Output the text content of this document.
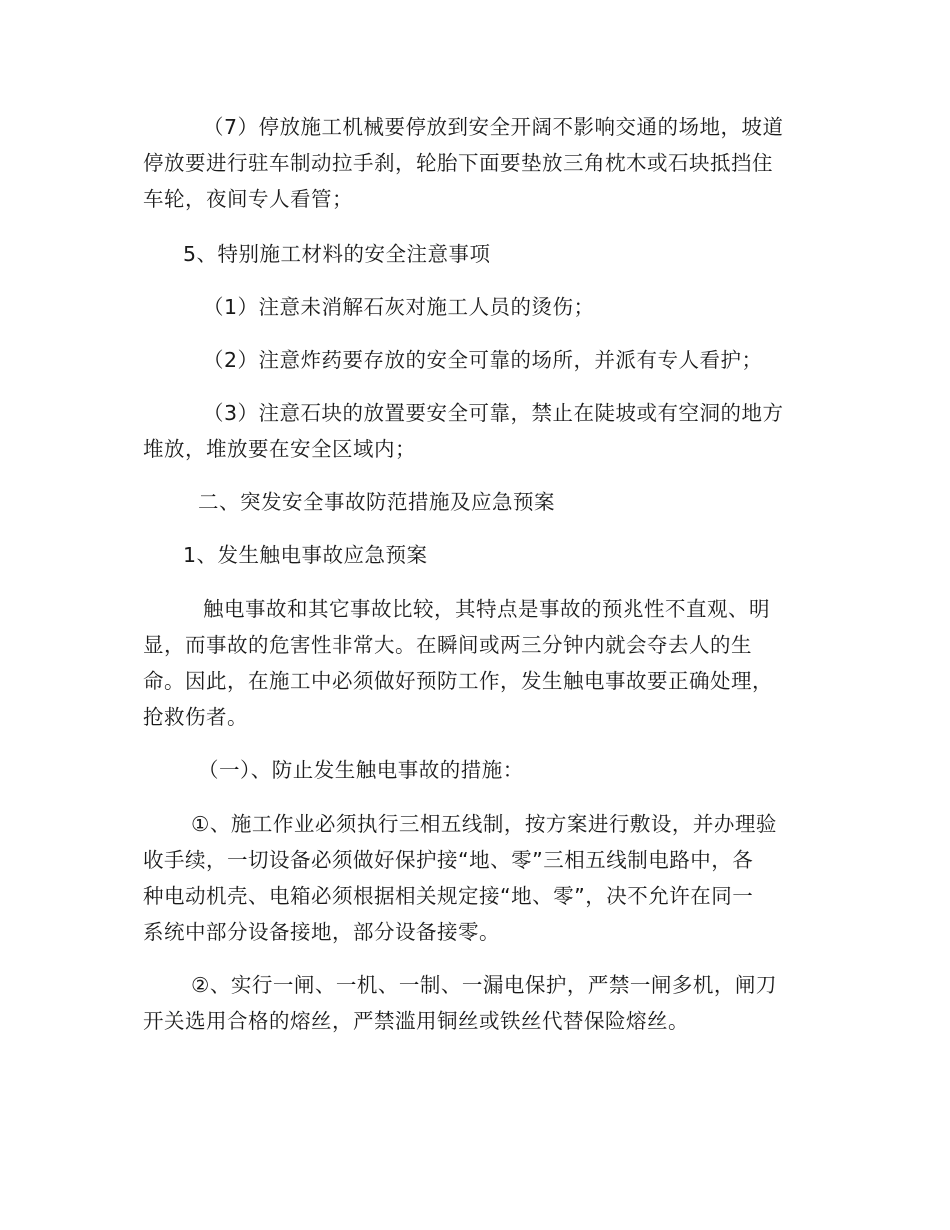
（7）停放施工机械要停放到安全开阔不影响交通的场地，坡道
停放要进行驻车制动拉手刹，轮胎下面要垫放三角枕木或石块抵挡住
车轮，夜间专人看管；

5、特别施工材料的安全注意事项

（1）注意未消解石灰对施工人员的烫伤；

（2）注意炸药要存放的安全可靠的场所，并派有专人看护；

（3）注意石块的放置要安全可靠，禁止在陡坡或有空洞的地方
堆放，堆放要在安全区域内；

二、突发安全事故防范措施及应急预案

1、发生触电事故应急预案

触电事故和其它事故比较，其特点是事故的预兆性不直观、明
显，而事故的危害性非常大。在瞬间或两三分钟内就会夺去人的生
命。因此，在施工中必须做好预防工作，发生触电事故要正确处理，
抢救伤者。

（一）、防止发生触电事故的措施：

①、施工作业必须执行三相五线制，按方案进行敷设，并办理验
收手续，一切设备必须做好保护接“地、零”三相五线制电路中，各
种电动机壳、电箱必须根据相关规定接“地、零”，决不允许在同一
系统中部分设备接地，部分设备接零。

②、实行一闸、一机、一制、一漏电保护，严禁一闸多机，闸刀
开关选用合格的熔丝，严禁滥用铜丝或铁丝代替保险熔丝。
